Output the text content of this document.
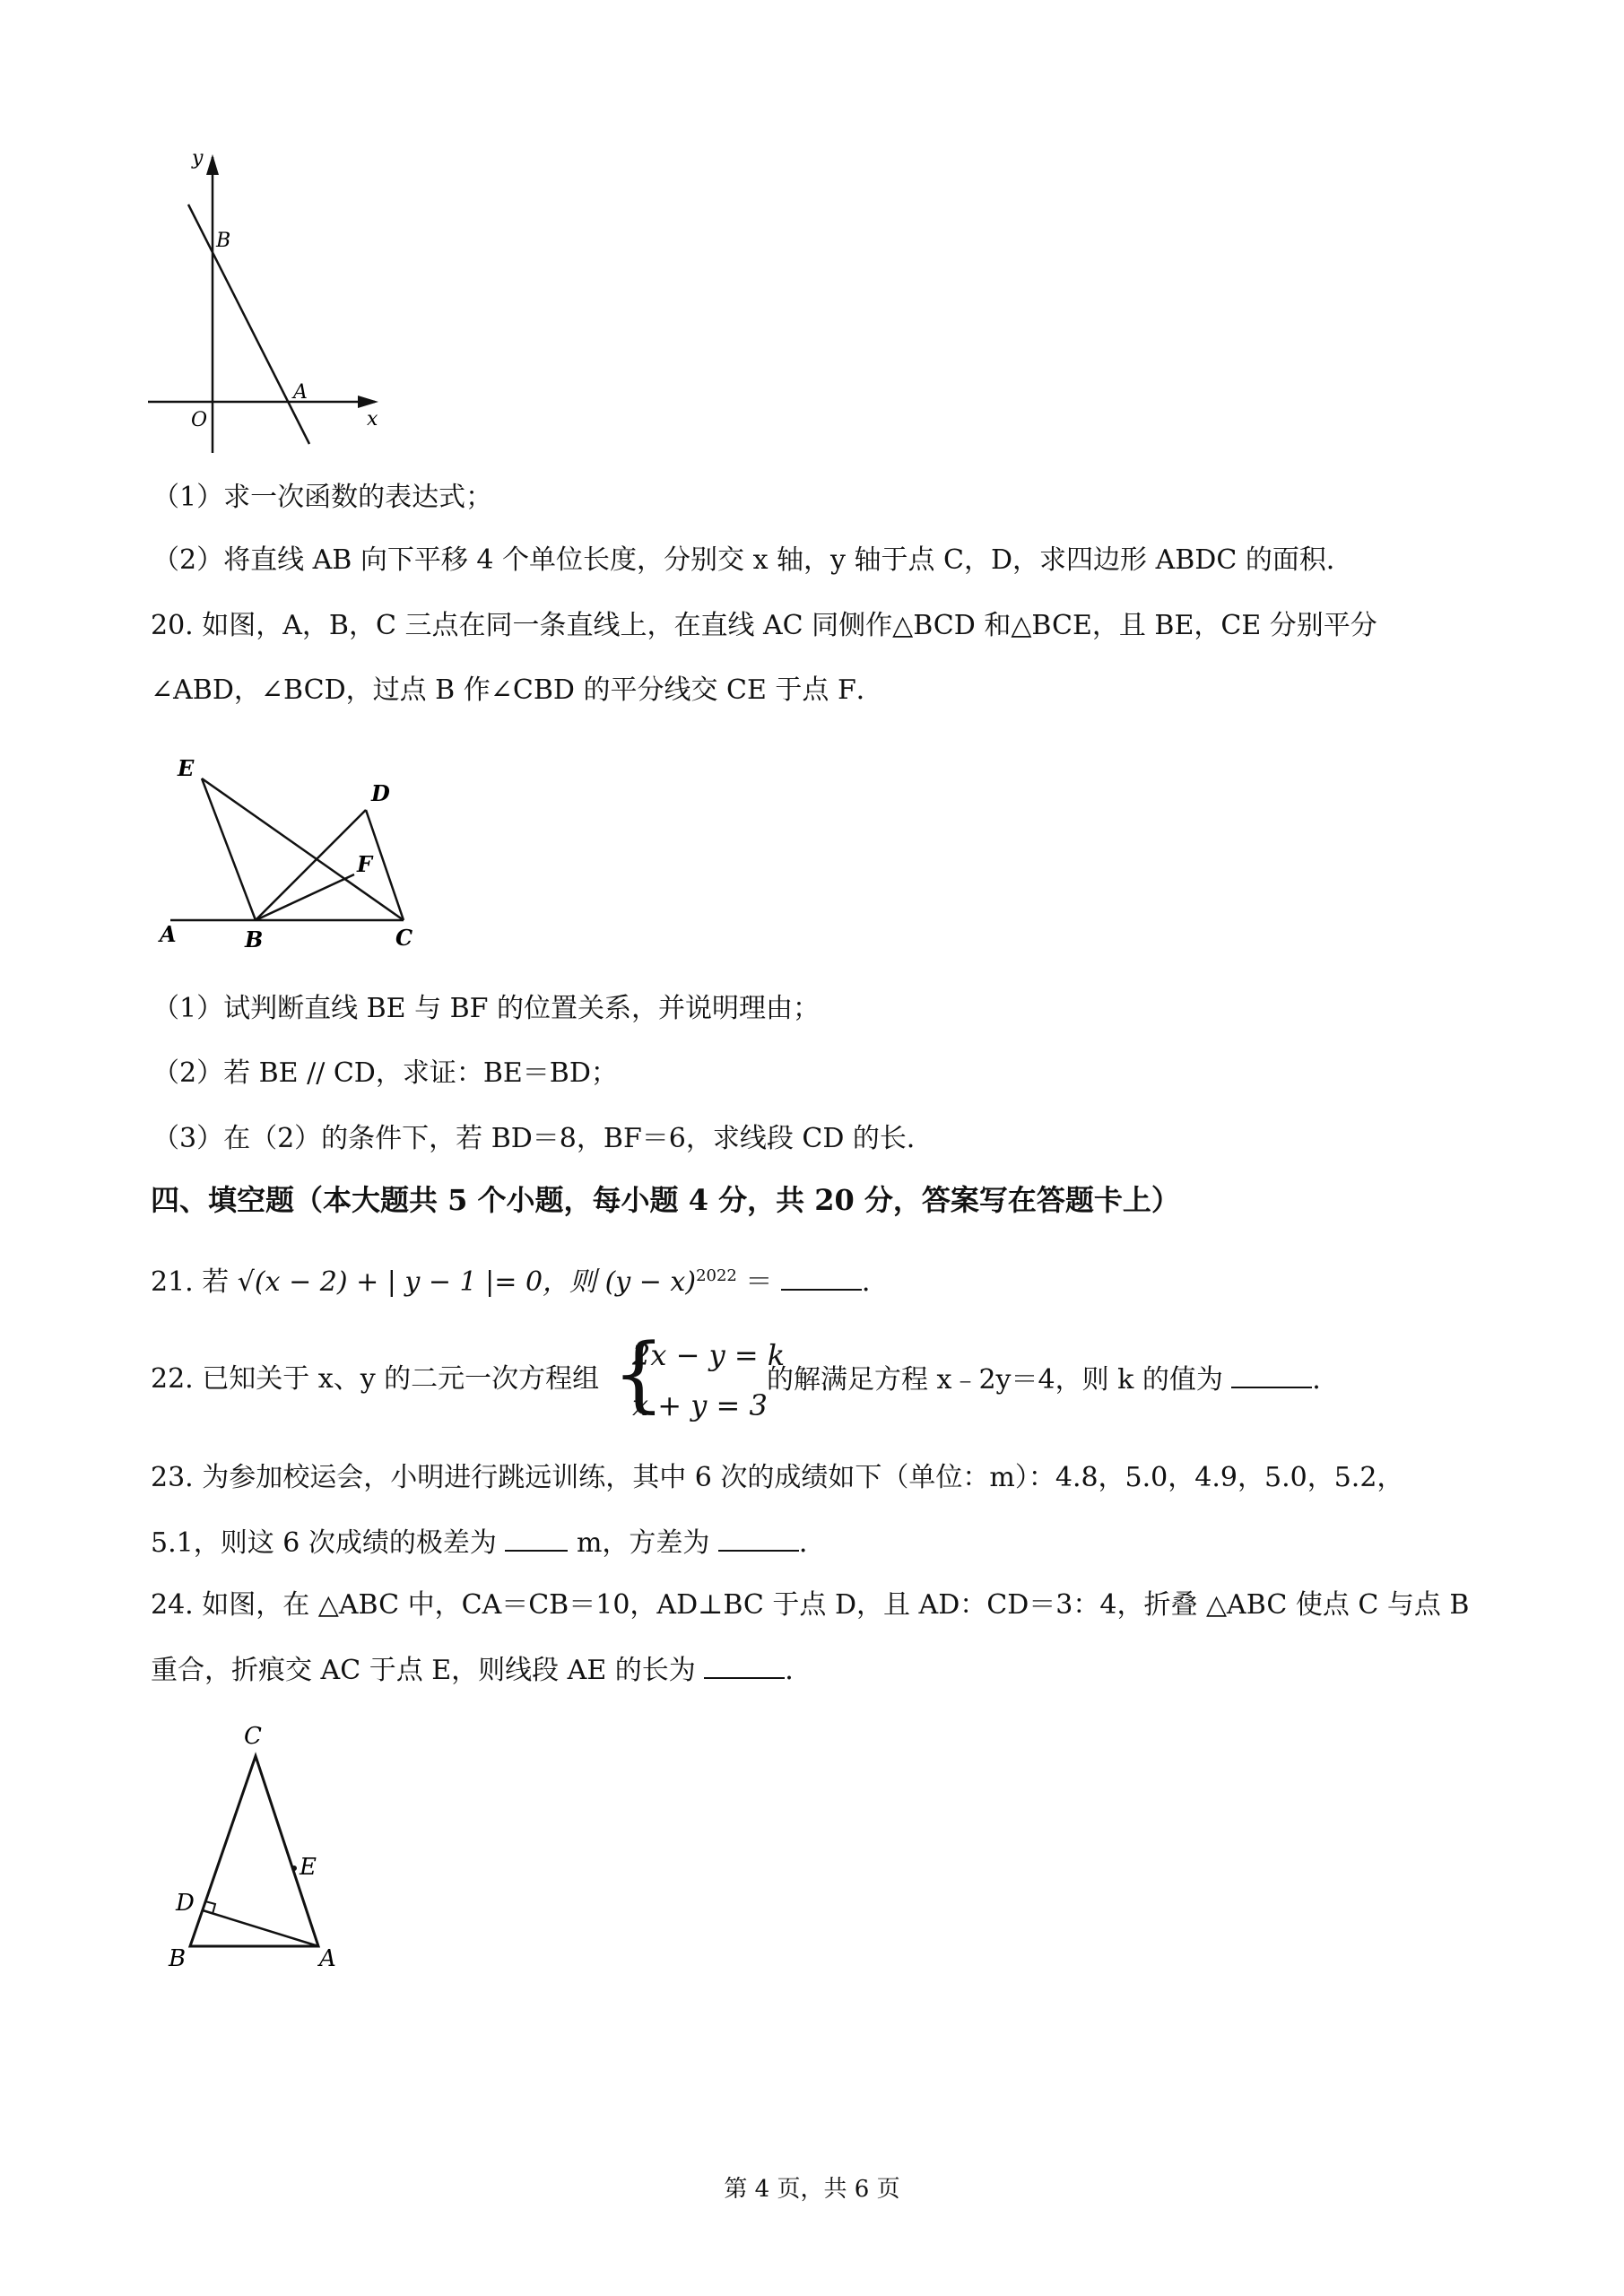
y
B
A
O	x
（1）求一次函数的表达式；
（2）将直线 AB 向下平移 4 个单位长度，分别交 x 轴，y 轴于点 C，D，求四边形 ABDC 的面积．
20. 如图，A，B，C 三点在同一条直线上，在直线 AC 同侧作△BCD 和△BCE，且 BE，CE 分别平分
∠ABD，∠BCD，过点 B 作∠CBD 的平分线交 CE 于点 F．
E
D
F
A	B	C
（1）试判断直线 BE 与 BF 的位置关系，并说明理由；
（2）若 BE // CD，求证：BE＝BD；
（3）在（2）的条件下，若 BD＝8，BF＝6，求线段 CD 的长．
四、填空题（本大题共 5 个小题，每小题 4 分，共 20 分，答案写在答题卡上）
21. 若 √(x − 2) + | y − 1 |= 0，则 $(y - x)^{2022}$ ＝	．
22. 已知关于 x、y 的二元一次方程组 {
2x − y = k
x + y = 3
的解满足方程 x﹣2y＝4，则 k 的值为	．
23. 为参加校运会，小明进行跳远训练，其中 6 次的成绩如下（单位：m）：4.8，5.0，4.9，5.0，5.2，
5.1，则这 6 次成绩的极差为	m，方差为	．
24. 如图，在 △ABC 中，CA＝CB＝10，AD⊥BC 于点 D，且 AD：CD＝3：4，折叠 △ABC 使点 C 与点 B
重合，折痕交 AC 于点 E，则线段 AE 的长为	．
C
E
D
B	A
第 4 页，共 6 页
